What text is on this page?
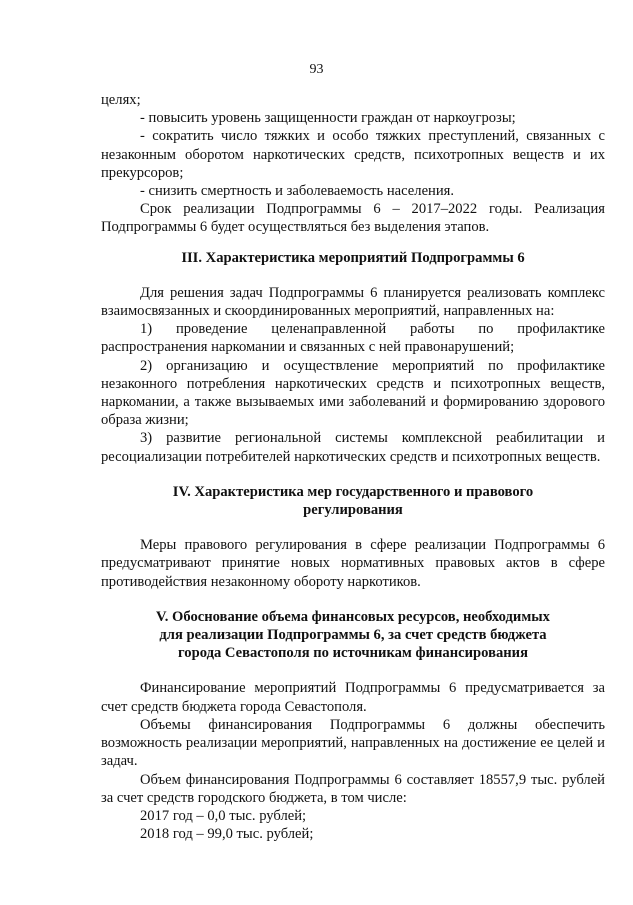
93

целях;

- повысить уровень защищенности граждан от наркоугрозы;

- сократить число тяжких и особо тяжких преступлений, связанных с незаконным оборотом наркотических средств, психотропных веществ и их прекурсоров;

- снизить смертность и заболеваемость населения.

Срок реализации Подпрограммы 6 – 2017–2022 годы. Реализация Подпрограммы 6 будет осуществляться без выделения этапов.

III. Характеристика мероприятий Подпрограммы 6

Для решения задач Подпрограммы 6 планируется реализовать комплекс взаимосвязанных и скоординированных мероприятий, направленных на:

1) проведение целенаправленной работы по профилактике распространения наркомании и связанных с ней правонарушений;

2) организацию и осуществление мероприятий по профилактике незаконного потребления наркотических средств и психотропных веществ, наркомании, а также вызываемых ими заболеваний и формированию здорового образа жизни;

3) развитие региональной системы комплексной реабилитации и ресоциализации потребителей наркотических средств и психотропных веществ.

IV. Характеристика мер государственного и правового
регулирования

Меры правового регулирования в сфере реализации Подпрограммы 6 предусматривают принятие новых нормативных правовых актов в сфере противодействия незаконному обороту наркотиков.

V. Обоснование объема финансовых ресурсов, необходимых
для реализации Подпрограммы 6, за счет средств бюджета
города Севастополя по источникам финансирования

Финансирование мероприятий Подпрограммы 6 предусматривается за счет средств бюджета города Севастополя.

Объемы финансирования Подпрограммы 6 должны обеспечить возможность реализации мероприятий, направленных на достижение ее целей и задач.

Объем финансирования Подпрограммы 6 составляет 18557,9 тыс. рублей за счет средств городского бюджета, в том числе:

2017 год – 0,0 тыс. рублей;

2018 год – 99,0 тыс. рублей;
